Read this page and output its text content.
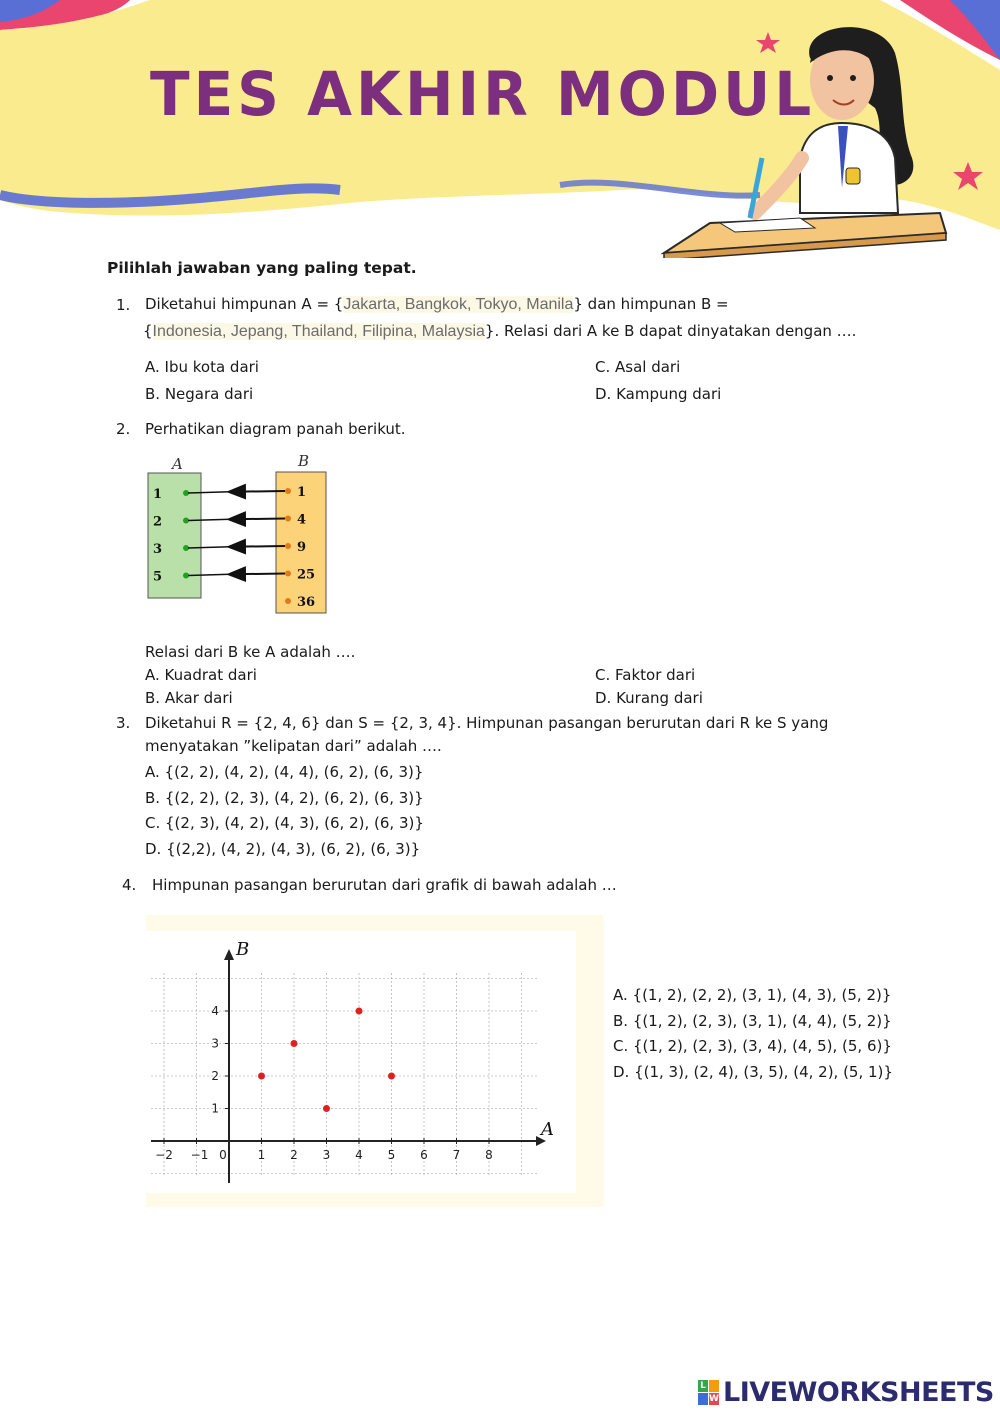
TES AKHIR MODUL
Pilihlah jawaban yang paling tepat.
1. Diketahui himpunan A = {Jakarta, Bangkok, Tokyo, Manila} dan himpunan B =
{Indonesia, Jepang, Thailand, Filipina, Malaysia}. Relasi dari A ke B dapat dinyatakan dengan ….
A. Ibu kota dari
B. Negara dari
C. Asal dari
D. Kampung dari
2. Perhatikan diagram panah berikut.
A	B
1
2
3
5
1
4
9
25
36
Relasi dari B ke A adalah ….
A. Kuadrat dari
B. Akar dari
C. Faktor dari
D. Kurang dari
3. Diketahui R = {2, 4, 6} dan S = {2, 3, 4}. Himpunan pasangan berurutan dari R ke S yang
menyatakan ”kelipatan dari” adalah ….
A. {(2, 2), (4, 2), (4, 4), (6, 2), (6, 3)}
B. {(2, 2), (2, 3), (4, 2), (6, 2), (6, 3)}
C. {(2, 3), (4, 2), (4, 3), (6, 2), (6, 3)}
D. {(2,2), (4, 2), (4, 3), (6, 2), (6, 3)}
4. Himpunan pasangan berurutan dari grafik di bawah adalah …
A
B
−2 −1 0	1 2 3 4 5 6 7 8
1
2
3
4
A. {(1, 2), (2, 2), (3, 1), (4, 3), (5, 2)}
B. {(1, 2), (2, 3), (3, 1), (4, 4), (5, 2)}
C. {(1, 2), (2, 3), (3, 4), (4, 5), (5, 6)}
D. {(1, 3), (2, 4), (3, 5), (4, 2), (5, 1)}
L
W LIVEWORKSHEETS
